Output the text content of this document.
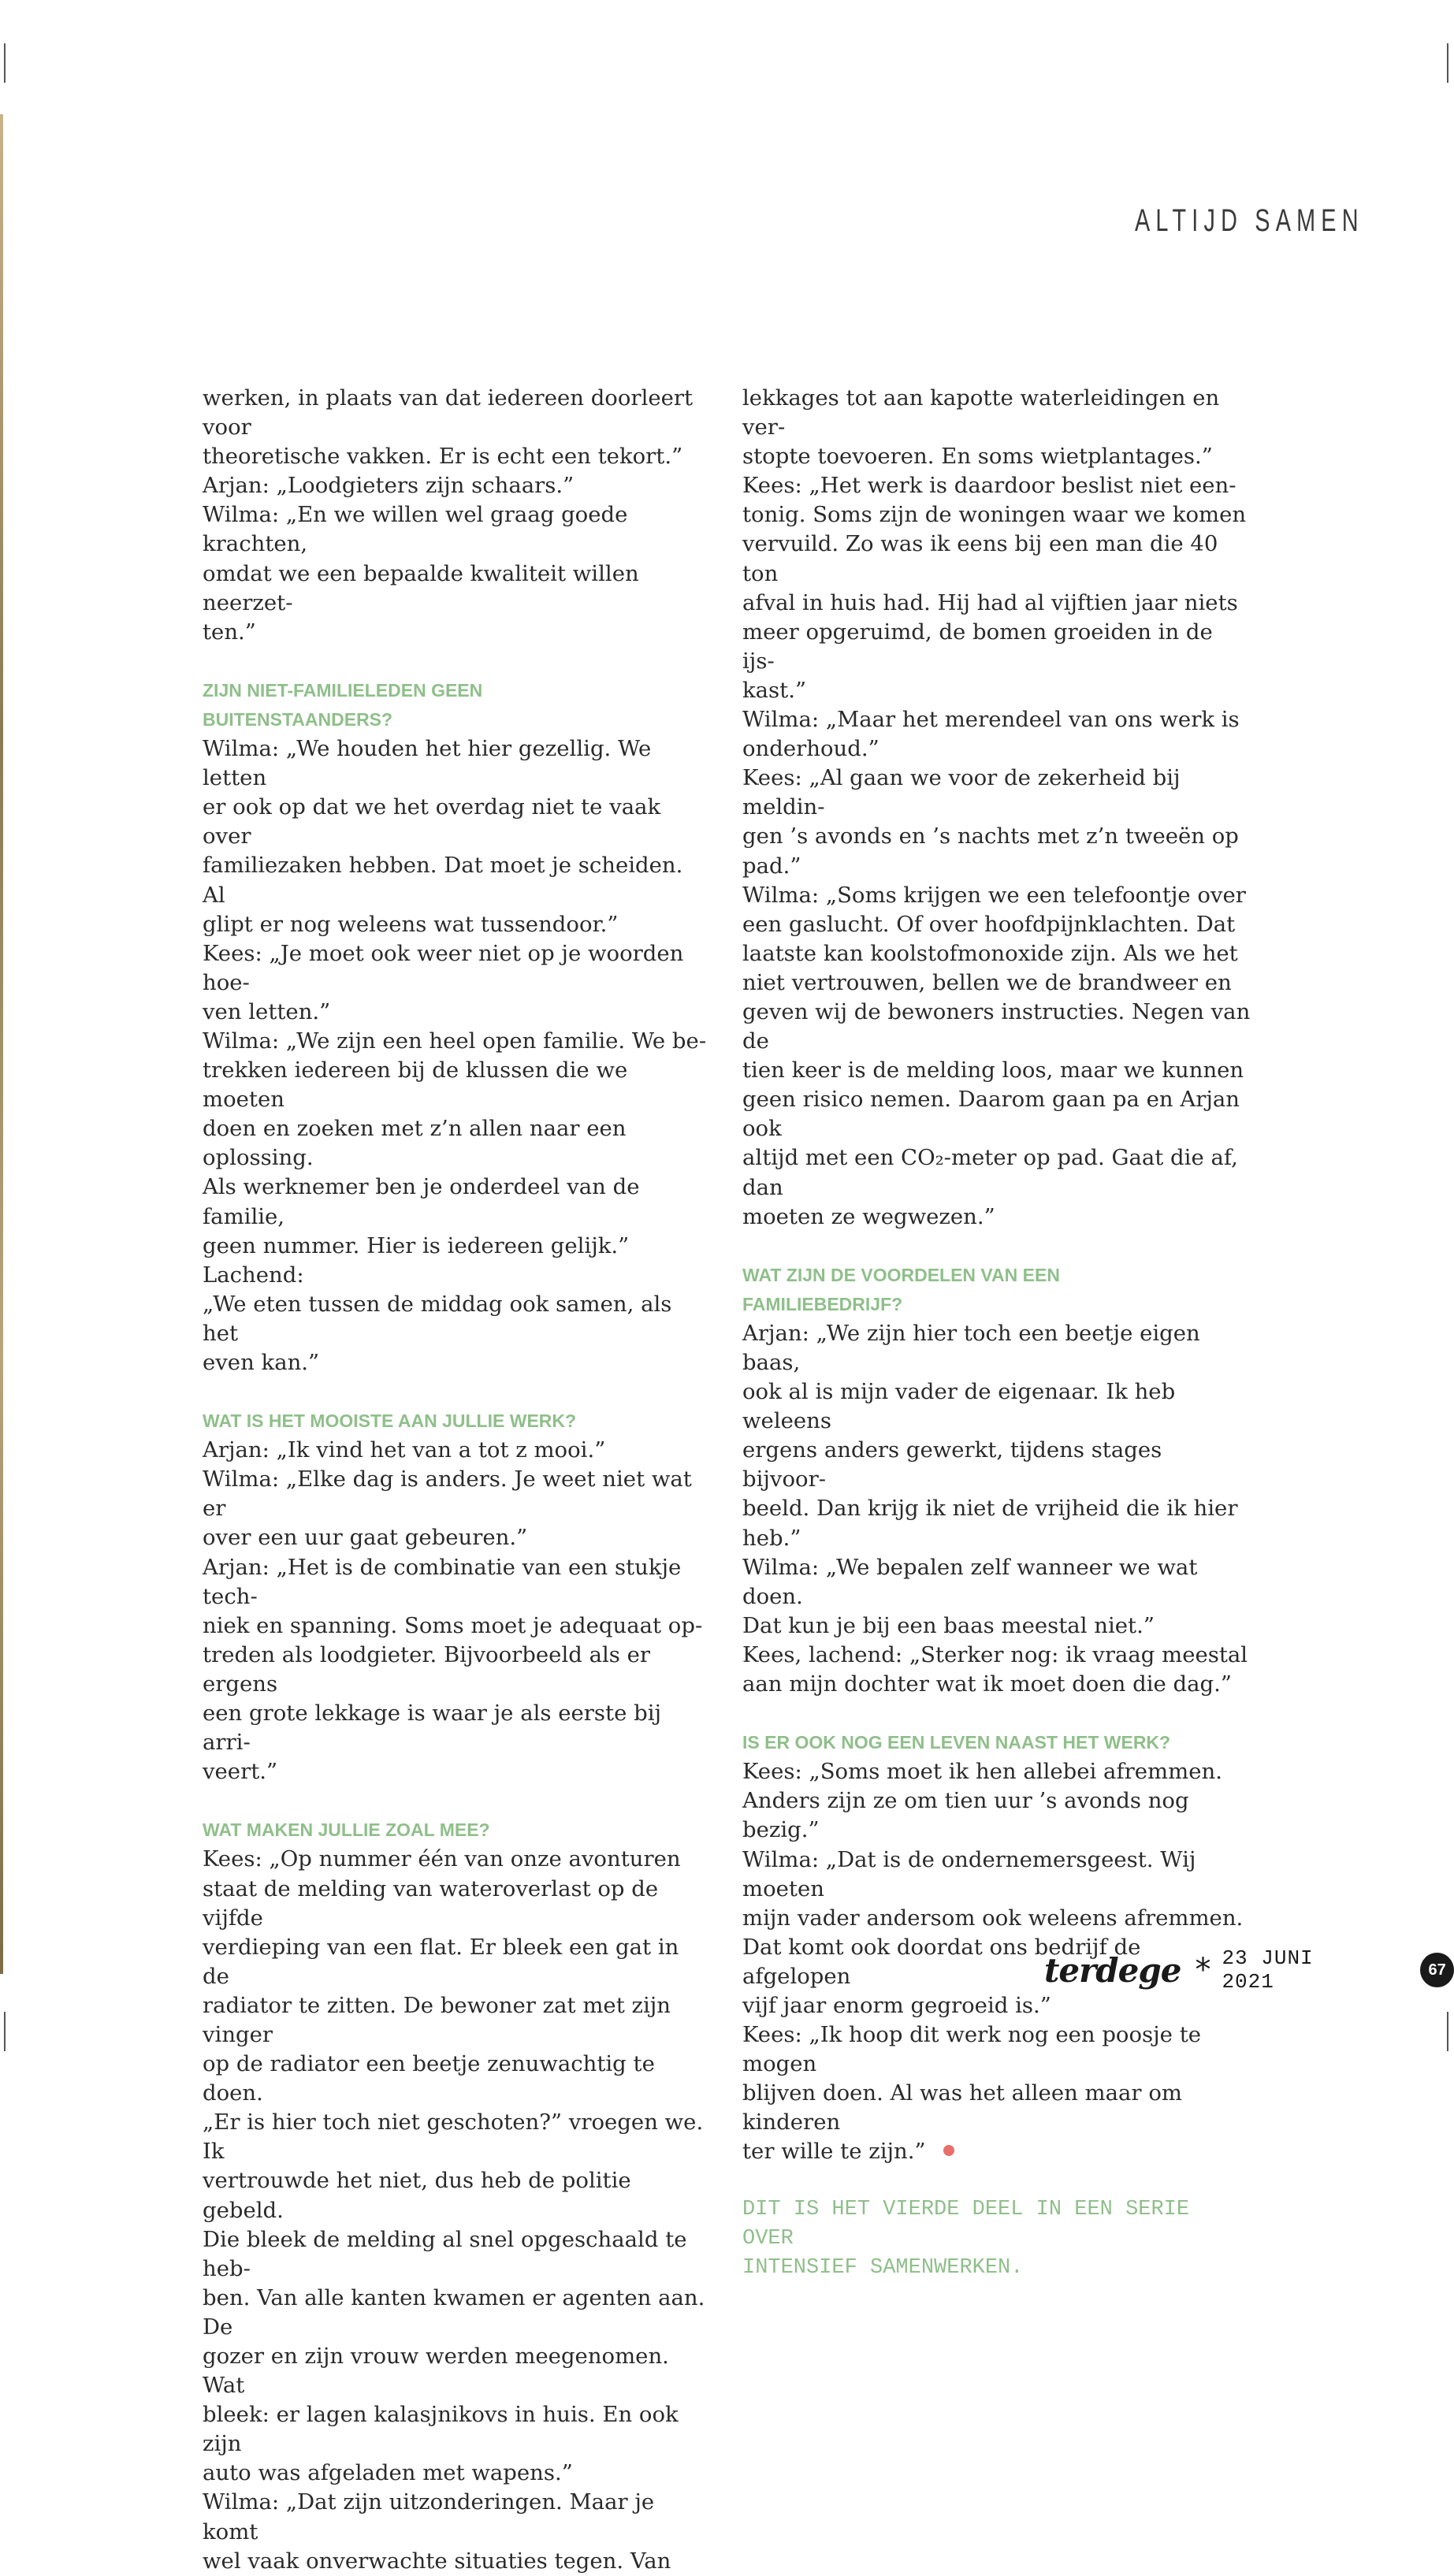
ALTIJD SAMEN

werken, in plaats van dat iedereen doorleert voor
theoretische vakken. Er is echt een tekort.”
Arjan: „Loodgieters zijn schaars.”
Wilma: „En we willen wel graag goede krachten,
omdat we een bepaalde kwaliteit willen neerzet-
ten.”

ZIJN NIET-FAMILIELEDEN GEEN
BUITENSTAANDERS?

Wilma: „We houden het hier gezellig. We letten
er ook op dat we het overdag niet te vaak over
familiezaken hebben. Dat moet je scheiden. Al
glipt er nog weleens wat tussendoor.”
Kees: „Je moet ook weer niet op je woorden hoe-
ven letten.”
Wilma: „We zijn een heel open familie. We be-
trekken iedereen bij de klussen die we moeten
doen en zoeken met z’n allen naar een oplossing.
Als werknemer ben je onderdeel van de familie,
geen nummer. Hier is iedereen gelijk.” Lachend:
„We eten tussen de middag ook samen, als het
even kan.”

WAT IS HET MOOISTE AAN JULLIE WERK?

Arjan: „Ik vind het van a tot z mooi.”
Wilma: „Elke dag is anders. Je weet niet wat er
over een uur gaat gebeuren.”
Arjan: „Het is de combinatie van een stukje tech-
niek en spanning. Soms moet je adequaat op-
treden als loodgieter. Bijvoorbeeld als er ergens
een grote lekkage is waar je als eerste bij arri-
veert.”

WAT MAKEN JULLIE ZOAL MEE?

Kees: „Op nummer één van onze avonturen
staat de melding van wateroverlast op de vijfde
verdieping van een flat. Er bleek een gat in de
radiator te zitten. De bewoner zat met zijn vinger
op de radiator een beetje zenuwachtig te doen.
„Er is hier toch niet geschoten?” vroegen we. Ik
vertrouwde het niet, dus heb de politie gebeld.
Die bleek de melding al snel opgeschaald te heb-
ben. Van alle kanten kwamen er agenten aan. De
gozer en zijn vrouw werden meegenomen. Wat
bleek: er lagen kalasjnikovs in huis. En ook zijn
auto was afgeladen met wapens.”
Wilma: „Dat zijn uitzonderingen. Maar je komt
wel vaak onverwachte situaties tegen. Van

lekkages tot aan kapotte waterleidingen en ver-
stopte toevoeren. En soms wietplantages.”
Kees: „Het werk is daardoor beslist niet een-
tonig. Soms zijn de woningen waar we komen
vervuild. Zo was ik eens bij een man die 40 ton
afval in huis had. Hij had al vijftien jaar niets
meer opgeruimd, de bomen groeiden in de ijs-
kast.”
Wilma: „Maar het merendeel van ons werk is
onderhoud.”
Kees: „Al gaan we voor de zekerheid bij meldin-
gen ’s avonds en ’s nachts met z’n tweeën op
pad.”
Wilma: „Soms krijgen we een telefoontje over
een gaslucht. Of over hoofdpijnklachten. Dat
laatste kan koolstofmonoxide zijn. Als we het
niet vertrouwen, bellen we de brandweer en
geven wij de bewoners instructies. Negen van de
tien keer is de melding loos, maar we kunnen
geen risico nemen. Daarom gaan pa en Arjan ook
altijd met een CO₂-meter op pad. Gaat die af, dan
moeten ze wegwezen.”

WAT ZIJN DE VOORDELEN VAN EEN
FAMILIEBEDRIJF?

Arjan: „We zijn hier toch een beetje eigen baas,
ook al is mijn vader de eigenaar. Ik heb weleens
ergens anders gewerkt, tijdens stages bijvoor-
beeld. Dan krijg ik niet de vrijheid die ik hier
heb.”
Wilma: „We bepalen zelf wanneer we wat doen.
Dat kun je bij een baas meestal niet.”
Kees, lachend: „Sterker nog: ik vraag meestal
aan mijn dochter wat ik moet doen die dag.”

IS ER OOK NOG EEN LEVEN NAAST HET WERK?

Kees: „Soms moet ik hen allebei afremmen.
Anders zijn ze om tien uur ’s avonds nog bezig.”
Wilma: „Dat is de ondernemersgeest. Wij moeten
mijn vader andersom ook weleens afremmen.
Dat komt ook doordat ons bedrijf de afgelopen
vijf jaar enorm gegroeid is.”
Kees: „Ik hoop dit werk nog een poosje te mogen
blijven doen. Al was het alleen maar om kinderen
ter wille te zijn.”

DIT IS HET VIERDE DEEL IN EEN SERIE OVER
INTENSIEF SAMENWERKEN.
terdege * 23 JUNI 2021
67
